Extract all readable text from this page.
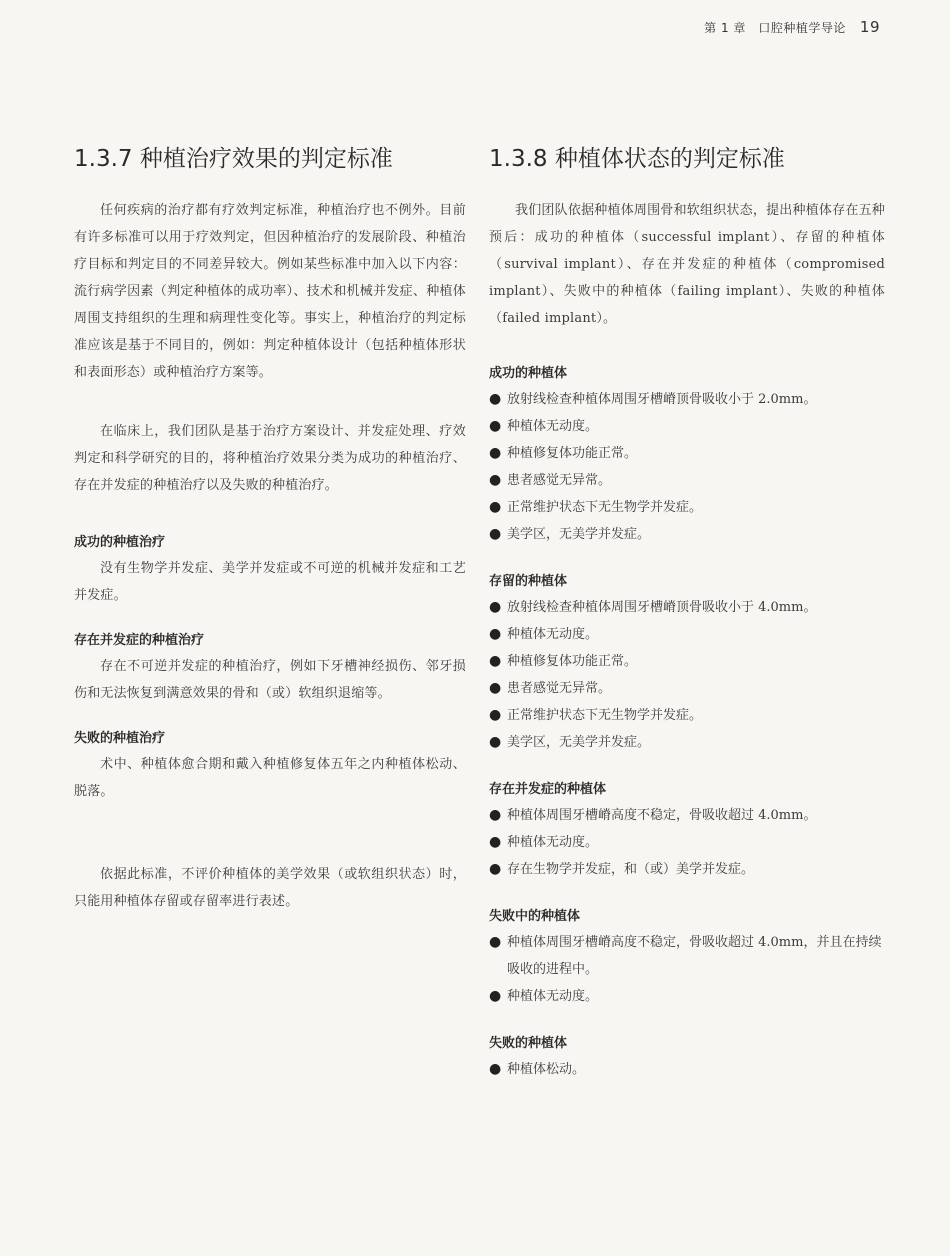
第 1 章　口腔种植学导论 19
1.3.7 种植治疗效果的判定标准

任何疾病的治疗都有疗效判定标准，种植治疗也不例外。目前有许多标准可以用于疗效判定，但因种植治疗的发展阶段、种植治疗目标和判定目的不同差异较大。例如某些标准中加入以下内容：流行病学因素（判定种植体的成功率）、技术和机械并发症、种植体周围支持组织的生理和病理性变化等。事实上，种植治疗的判定标准应该是基于不同目的，例如：判定种植体设计（包括种植体形状和表面形态）或种植治疗方案等。

在临床上，我们团队是基于治疗方案设计、并发症处理、疗效判定和科学研究的目的，将种植治疗效果分类为成功的种植治疗、存在并发症的种植治疗以及失败的种植治疗。

成功的种植治疗

没有生物学并发症、美学并发症或不可逆的机械并发症和工艺并发症。

存在并发症的种植治疗

存在不可逆并发症的种植治疗，例如下牙槽神经损伤、邻牙损伤和无法恢复到满意效果的骨和（或）软组织退缩等。

失败的种植治疗

术中、种植体愈合期和戴入种植修复体五年之内种植体松动、脱落。

依据此标准，不评价种植体的美学效果（或软组织状态）时，只能用种植体存留或存留率进行表述。

1.3.8 种植体状态的判定标准

我们团队依据种植体周围骨和软组织状态，提出种植体存在五种预后：成功的种植体（successful implant）、存留的种植体（survival implant）、存在并发症的种植体（compromised implant）、失败中的种植体（failing implant）、失败的种植体（failed implant）。

成功的种植体

● 放射线检查种植体周围牙槽嵴顶骨吸收小于 2.0mm。
● 种植体无动度。
● 种植修复体功能正常。
● 患者感觉无异常。
● 正常维护状态下无生物学并发症。
● 美学区，无美学并发症。

存留的种植体

● 放射线检查种植体周围牙槽嵴顶骨吸收小于 4.0mm。
● 种植体无动度。
● 种植修复体功能正常。
● 患者感觉无异常。
● 正常维护状态下无生物学并发症。
● 美学区，无美学并发症。

存在并发症的种植体

● 种植体周围牙槽嵴高度不稳定，骨吸收超过 4.0mm。
● 种植体无动度。
● 存在生物学并发症，和（或）美学并发症。

失败中的种植体

● 种植体周围牙槽嵴高度不稳定，骨吸收超过 4.0mm，并且在持续吸收的进程中。
● 种植体无动度。

失败的种植体

● 种植体松动。
